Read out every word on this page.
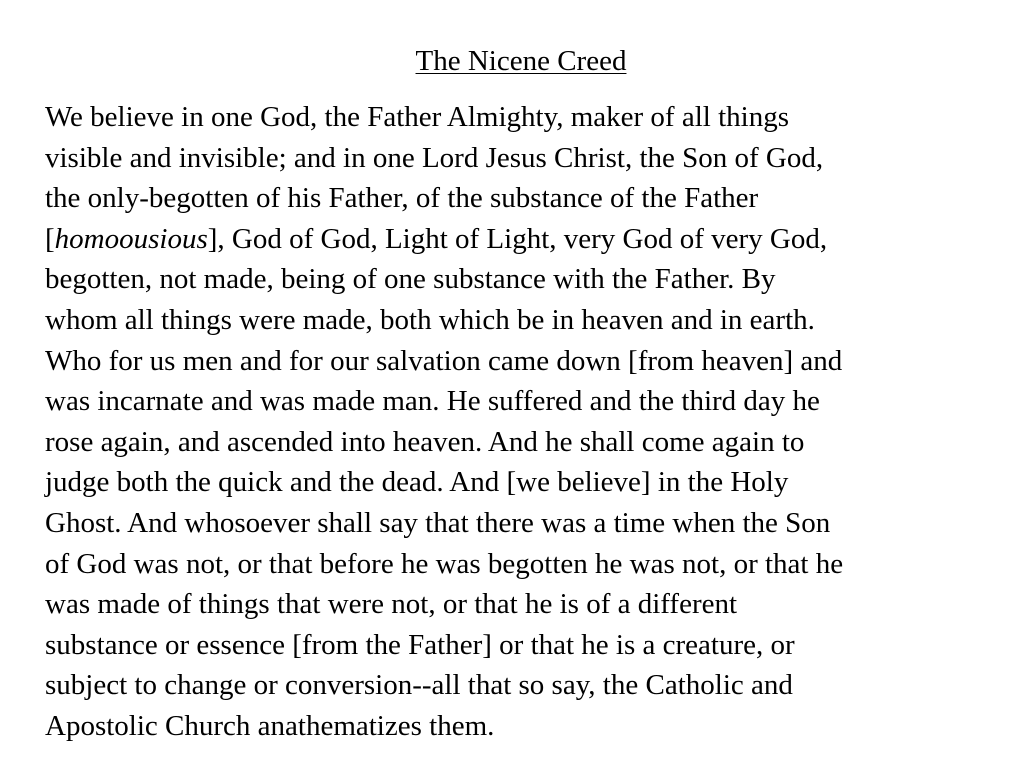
The Nicene Creed

We believe in one God, the Father Almighty, maker of all things
visible and invisible; and in one Lord Jesus Christ, the Son of God,
the only-begotten of his Father, of the substance of the Father
[homoousious], God of God, Light of Light, very God of very God,
begotten, not made, being of one substance with the Father. By
whom all things were made, both which be in heaven and in earth.
Who for us men and for our salvation came down [from heaven] and
was incarnate and was made man. He suffered and the third day he
rose again, and ascended into heaven. And he shall come again to
judge both the quick and the dead. And [we believe] in the Holy
Ghost. And whosoever shall say that there was a time when the Son
of God was not, or that before he was begotten he was not, or that he
was made of things that were not, or that he is of a different
substance or essence [from the Father] or that he is a creature, or
subject to change or conversion--all that so say, the Catholic and
Apostolic Church anathematizes them.
